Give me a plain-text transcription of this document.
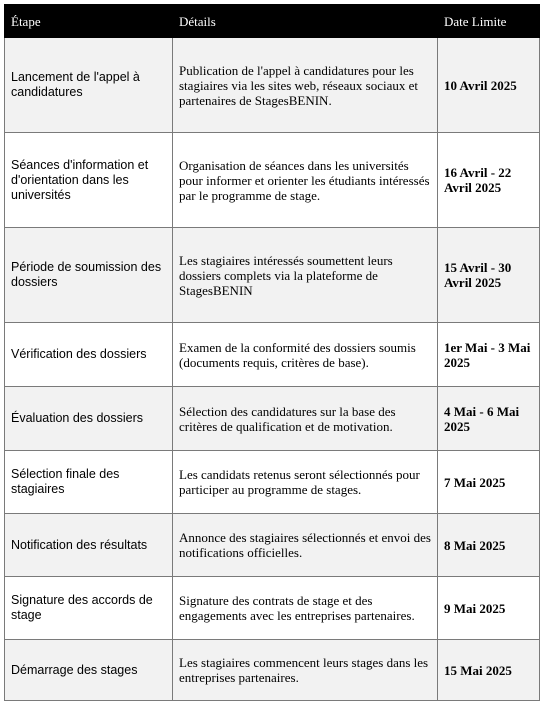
Étape	Détails	Date Limite
Lancement de l'appel à candidatures	Publication de l'appel à candidatures pour les stagiaires via les sites web, réseaux sociaux et partenaires de StagesBENIN.	10 Avril 2025
Séances d'information et d'orientation dans les universités	Organisation de séances dans les universités pour informer et orienter les étudiants intéressés par le programme de stage.	16 Avril - 22 Avril 2025
Période de soumission des dossiers	Les stagiaires intéressés soumettent leurs dossiers complets via la plateforme de StagesBENIN	15 Avril - 30 Avril 2025
Vérification des dossiers	Examen de la conformité des dossiers soumis (documents requis, critères de base).	1er Mai - 3 Mai 2025
Évaluation des dossiers	Sélection des candidatures sur la base des critères de qualification et de motivation.	4 Mai - 6 Mai 2025
Sélection finale des stagiaires	Les candidats retenus seront sélectionnés pour participer au programme de stages.	7 Mai 2025
Notification des résultats	Annonce des stagiaires sélectionnés et envoi des notifications officielles.	8 Mai 2025
Signature des accords de stage	Signature des contrats de stage et des engagements avec les entreprises partenaires.	9 Mai 2025
Démarrage des stages	Les stagiaires commencent leurs stages dans les entreprises partenaires.	15 Mai 2025
